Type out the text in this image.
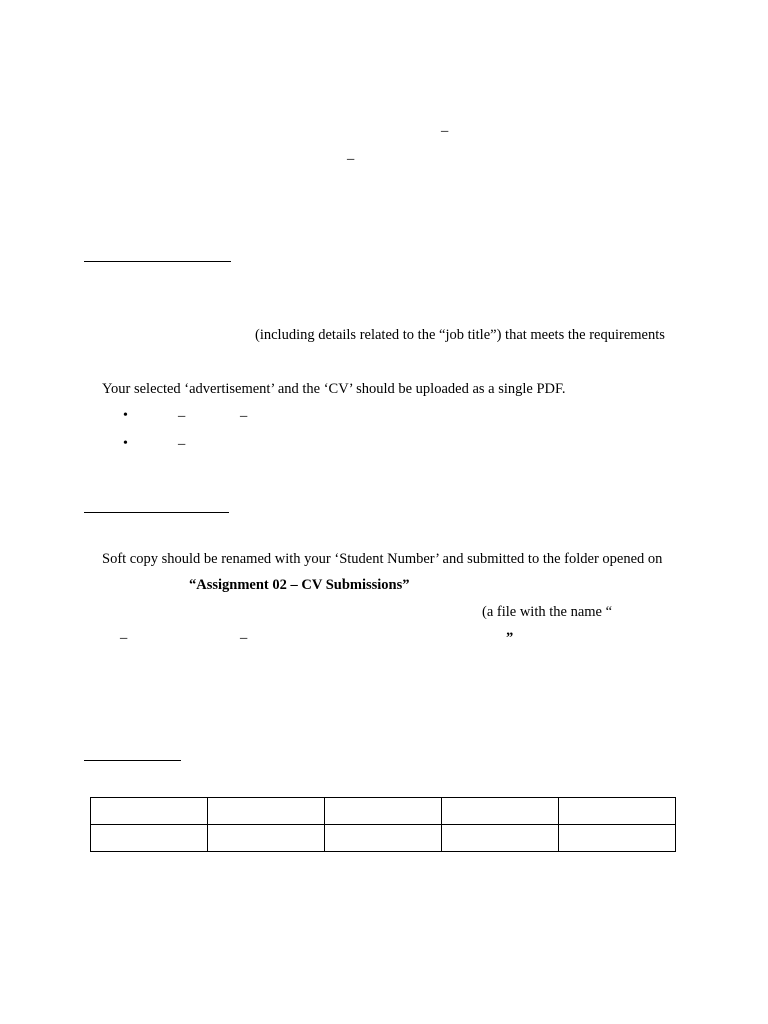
–
–
(including details related to the “job title”) that meets the requirements
Your selected ‘advertisement’ and the ‘CV’ should be uploaded as a single PDF.
•	–	–
•	–
Soft copy should be renamed with your ‘Student Number’ and submitted to the folder opened on
“Assignment 02 – CV Submissions”
(a file with the name “
–	–	”
